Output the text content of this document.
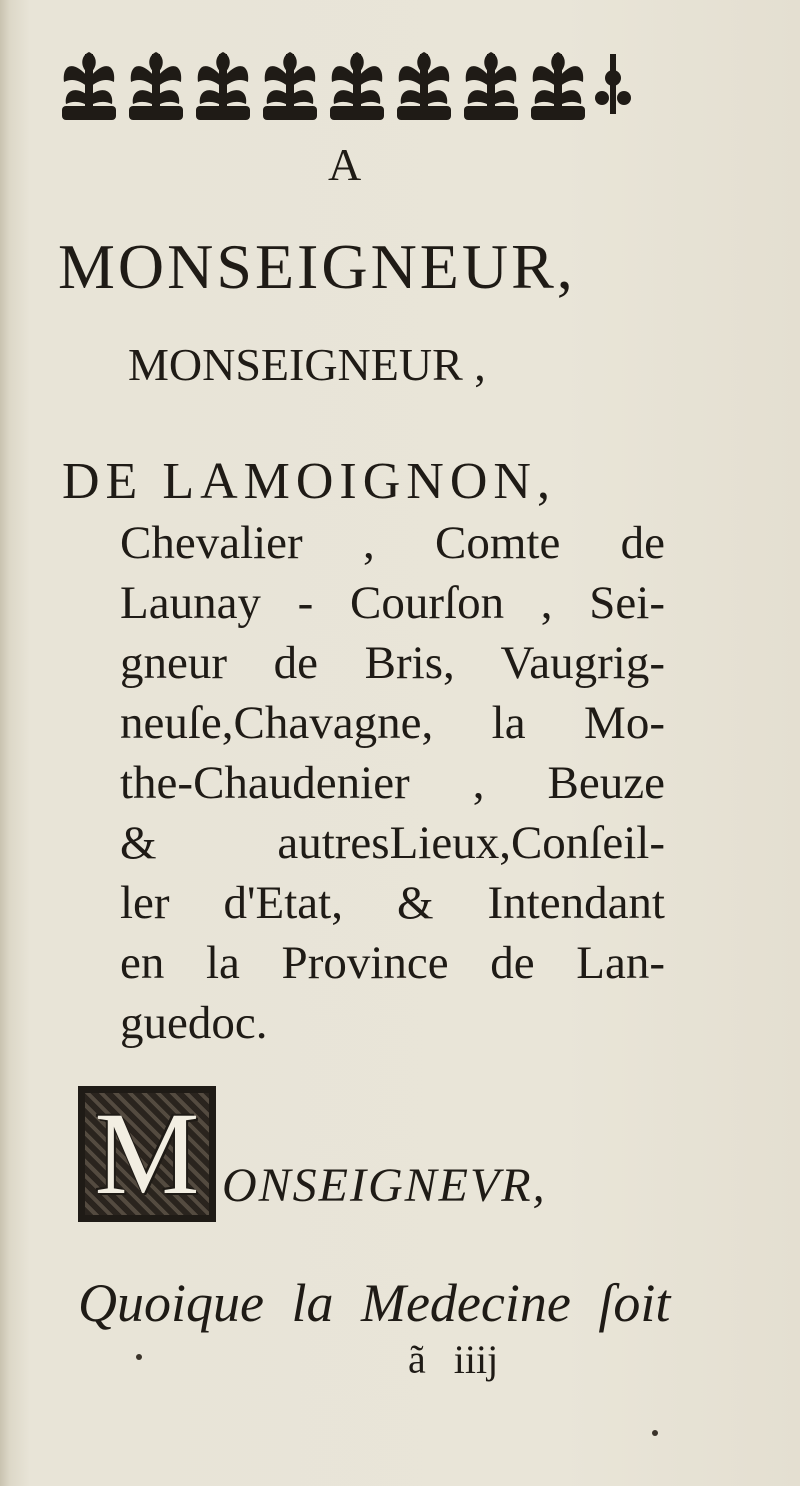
A
MONSEIGNEUR,
MONSEIGNEUR ,
DE LAMOIGNON,
Chevalier , Comte de
Launay - Courſon , Sei-
gneur de Bris, Vaugrig-
neuſe,Chavagne, la Mo-
the-Chaudenier , Beuze
& autresLieux,Conſeil-
ler d'Etat, & Intendant
en la Province de Lan-
guedoc.
M ONSEIGNEVR,
Quoique la Medecine ſoit
ã iiij
